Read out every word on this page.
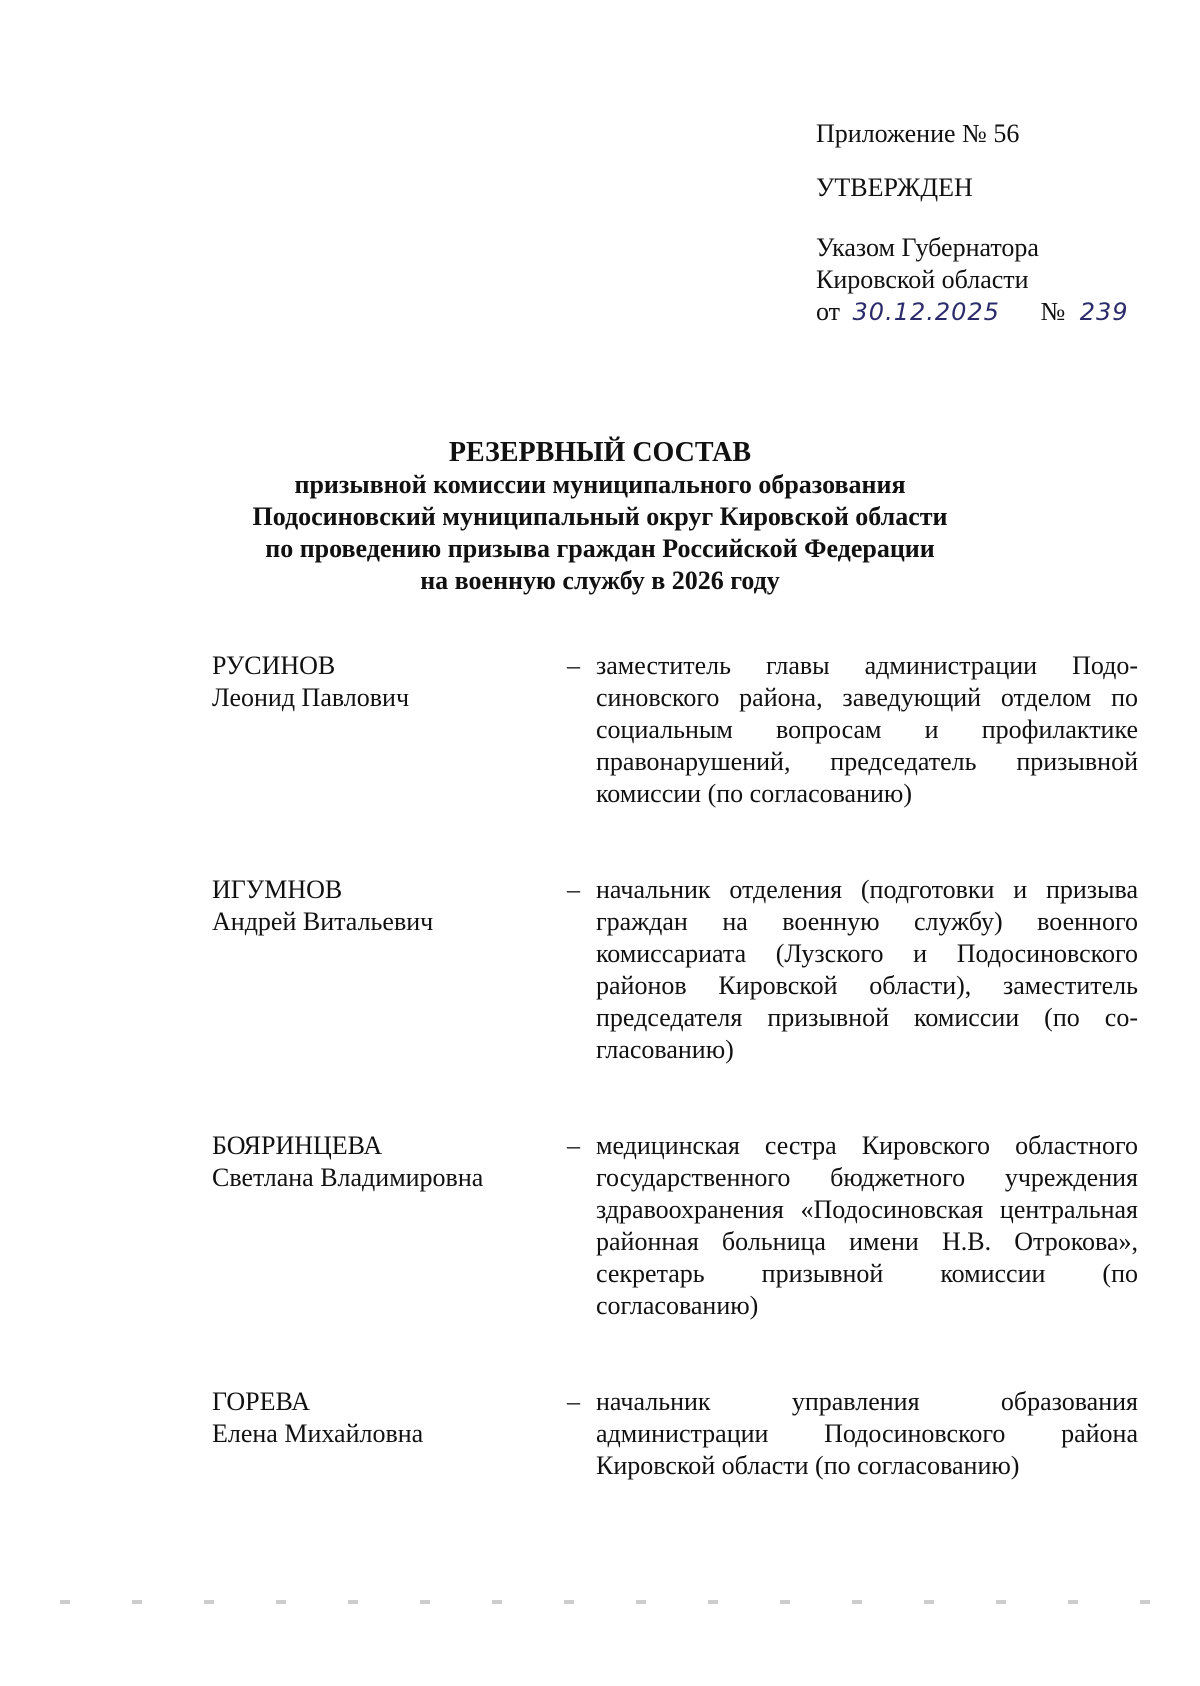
Приложение № 56
УТВЕРЖДЕН
Указом Губернатора
Кировской области
от 30.12.2025 № 239
РЕЗЕРВНЫЙ СОСТАВ
призывной комиссии муниципального образования
Подосиновский муниципальный округ Кировской области
по проведению призыва граждан Российской Федерации
на военную службу в 2026 году
РУСИНОВ
Леонид Павлович
– заместитель главы администрации Подосиновского района, заведующий отделом по социальным вопросам и профилактике правонарушений, председатель призывной комиссии (по согласованию)
ИГУМНОВ
Андрей Витальевич
– начальник отделения (подготовки и призыва граждан на военную службу) военного комиссариата (Лузского и Подосиновского районов Кировской области), заместитель председателя призывной комиссии (по согласованию)
БОЯРИНЦЕВА
Светлана Владимировна
– медицинская сестра Кировского областного государственного бюджетного учреждения здравоохранения «Подосиновская центральная районная больница имени Н.В. Отрокова», секретарь призывной комиссии (по согласованию)
ГОРЕВА
Елена Михайловна
– начальник управления образования администрации Подосиновского района Кировской области (по согласованию)
